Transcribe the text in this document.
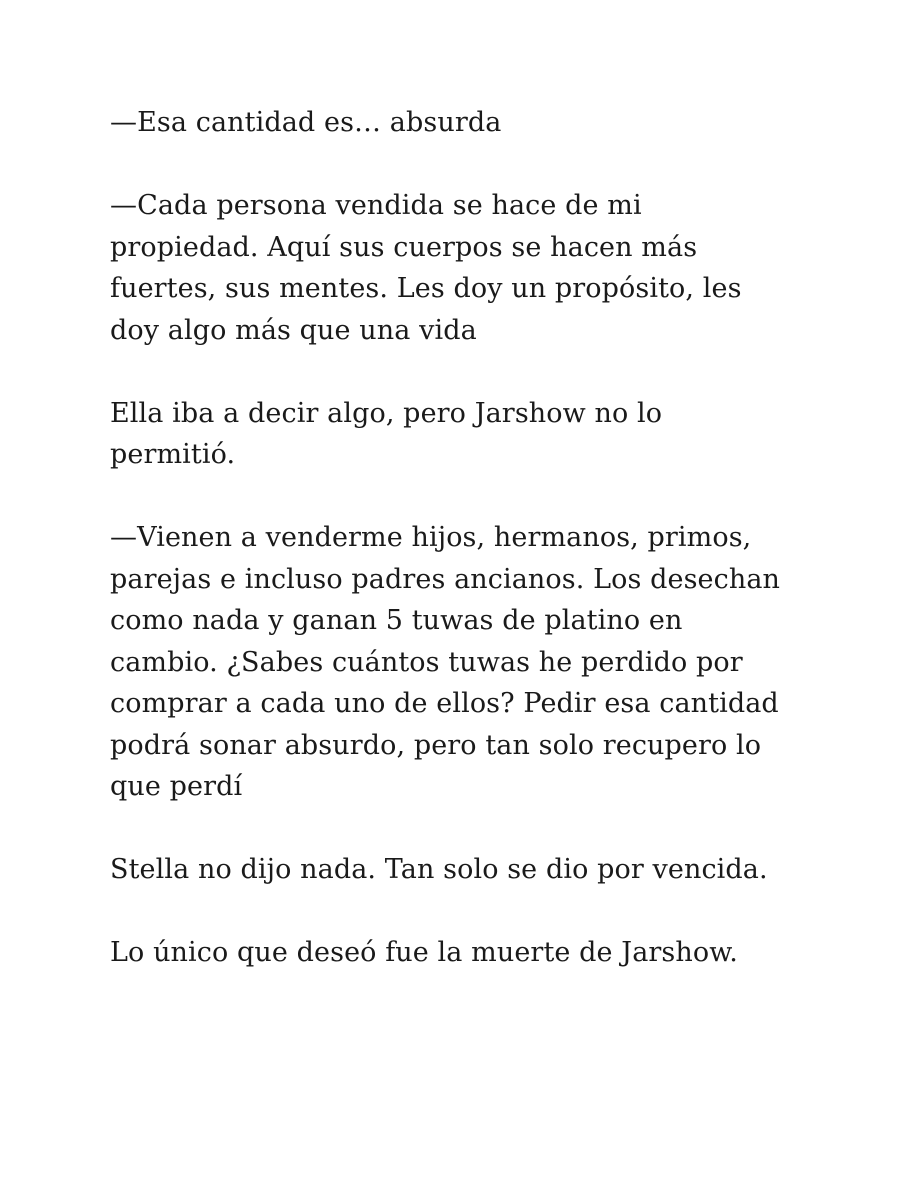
—Esa cantidad es… absurda

—Cada persona vendida se hace de mi
propiedad. Aquí sus cuerpos se hacen más
fuertes, sus mentes. Les doy un propósito, les
doy algo más que una vida

Ella iba a decir algo, pero Jarshow no lo
permitió.

—Vienen a venderme hijos, hermanos, primos,
parejas e incluso padres ancianos. Los desechan
como nada y ganan 5 tuwas de platino en
cambio. ¿Sabes cuántos tuwas he perdido por
comprar a cada uno de ellos? Pedir esa cantidad
podrá sonar absurdo, pero tan solo recupero lo
que perdí

Stella no dijo nada. Tan solo se dio por vencida.

Lo único que deseó fue la muerte de Jarshow.
